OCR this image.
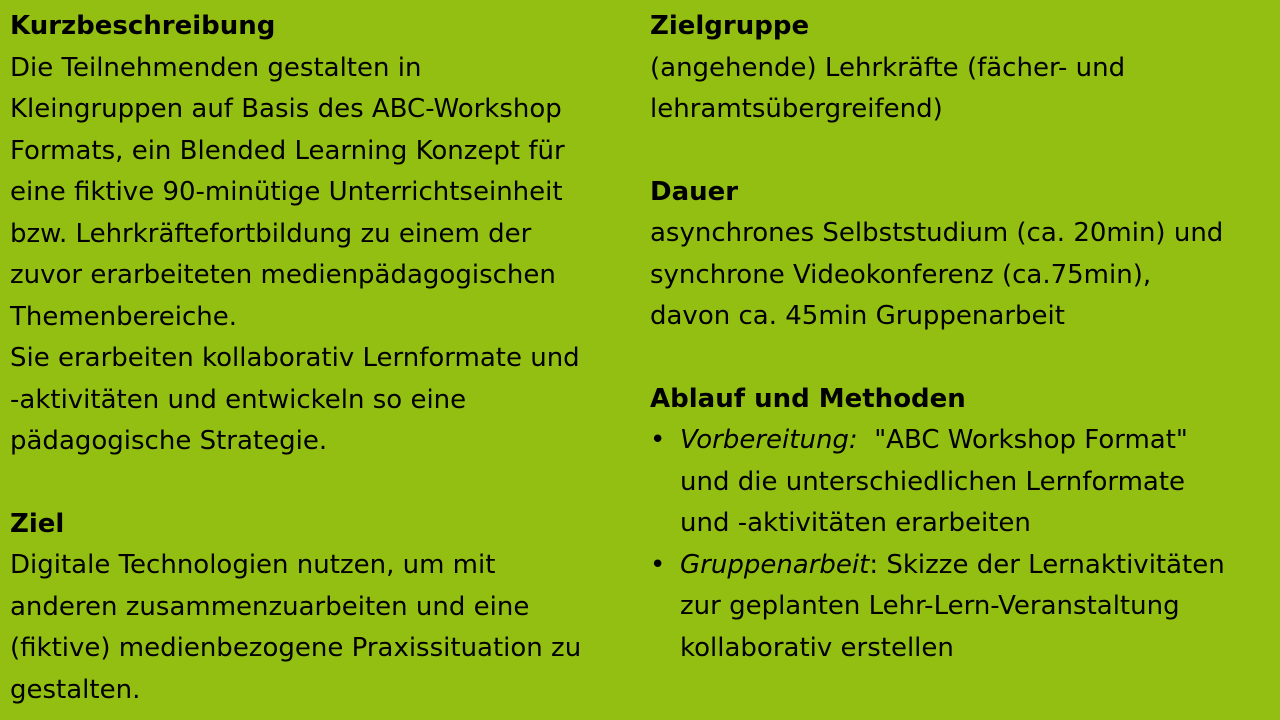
Kurzbeschreibung

Die Teilnehmenden gestalten in

Kleingruppen auf Basis des ABC-Workshop

Formats, ein Blended Learning Konzept für

eine fiktive 90-minütige Unterrichtseinheit

bzw. Lehrkräftefortbildung zu einem der

zuvor erarbeiteten medienpädagogischen

Themenbereiche.

Sie erarbeiten kollaborativ Lernformate und

-aktivitäten und entwickeln so eine

pädagogische Strategie.

Ziel

Digitale Technologien nutzen, um mit

anderen zusammenzuarbeiten und eine

(fiktive) medienbezogene Praxissituation zu

gestalten.

Zielgruppe

(angehende) Lehrkräfte (fächer- und

lehramtsübergreifend)

Dauer

asynchrones Selbststudium (ca. 20min) und

synchrone Videokonferenz (ca.75min),

davon ca. 45min Gruppenarbeit

Ablauf und Methoden

• Vorbereitung:  "ABC Workshop Format"

und die unterschiedlichen Lernformate

und -aktivitäten erarbeiten

• Gruppenarbeit: Skizze der Lernaktivitäten

zur geplanten Lehr-Lern-Veranstaltung

kollaborativ erstellen
